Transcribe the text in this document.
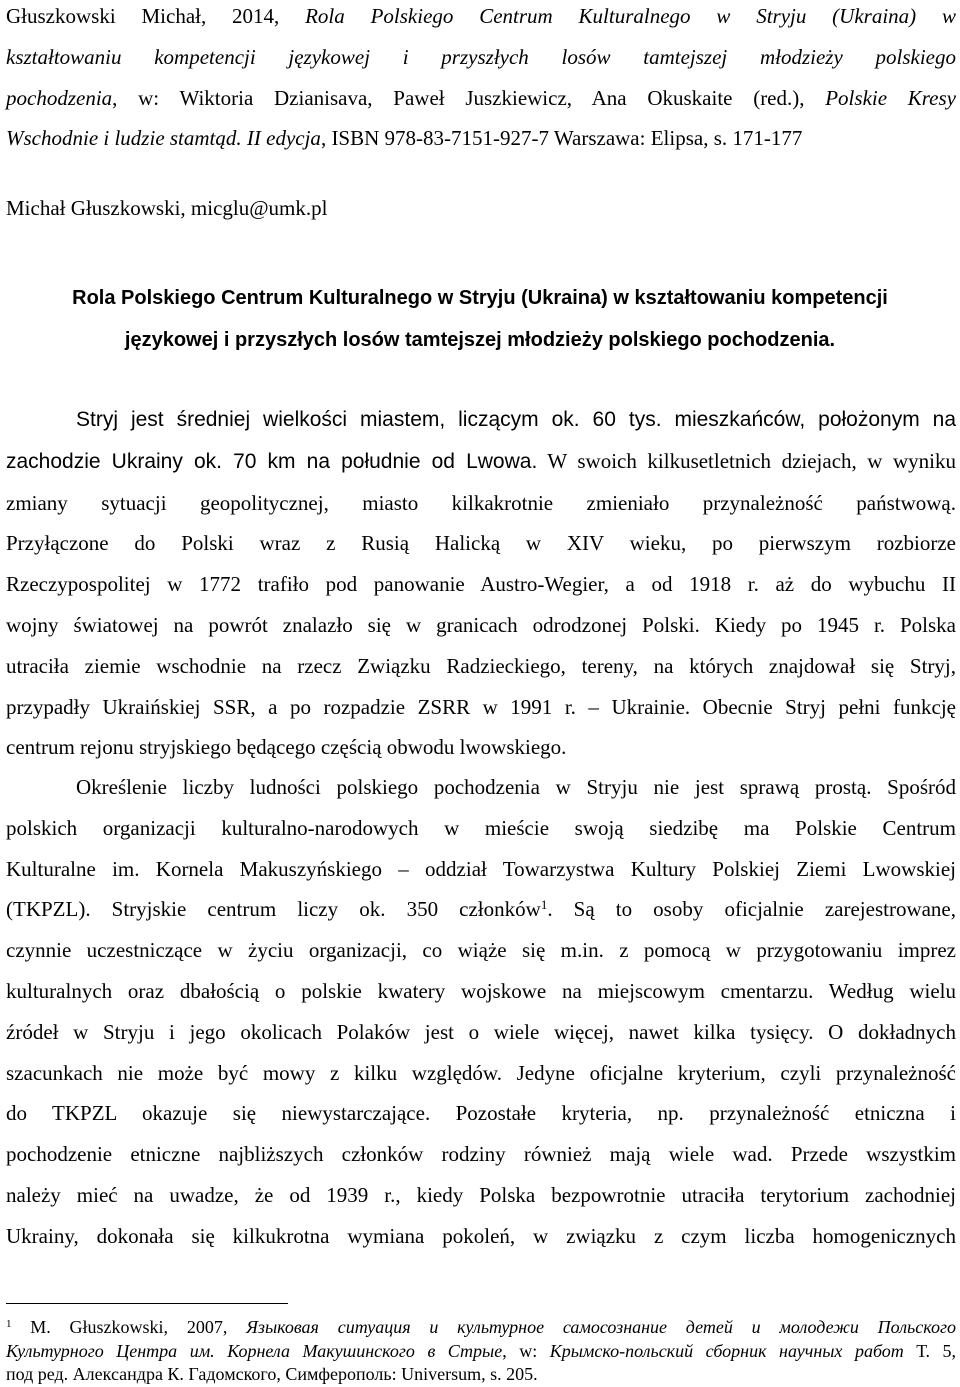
Głuszkowski Michał, 2014, Rola Polskiego Centrum Kulturalnego w Stryju (Ukraina) w
kształtowaniu kompetencji językowej i przyszłych losów tamtejszej młodzieży polskiego
pochodzenia, w: Wiktoria Dzianisava, Paweł Juszkiewicz, Ana Okuskaite (red.), Polskie Kresy
Wschodnie i ludzie stamtąd. II edycja, ISBN 978-83-7151-927-7 Warszawa: Elipsa, s. 171-177
Michał Głuszkowski, micglu@umk.pl
Rola Polskiego Centrum Kulturalnego w Stryju (Ukraina) w kształtowaniu kompetencji
językowej i przyszłych losów tamtejszej młodzieży polskiego pochodzenia.
Stryj jest średniej wielkości miastem, liczącym ok. 60 tys. mieszkańców, położonym na
zachodzie Ukrainy ok. 70 km na południe od Lwowa. W swoich kilkusetletnich dziejach, w wyniku
zmiany sytuacji geopolitycznej, miasto kilkakrotnie zmieniało przynależność państwową.
Przyłączone do Polski wraz z Rusią Halicką w XIV wieku, po pierwszym rozbiorze
Rzeczypospolitej w 1772 trafiło pod panowanie Austro-Wegier, a od 1918 r. aż do wybuchu II
wojny światowej na powrót znalazło się w granicach odrodzonej Polski. Kiedy po 1945 r. Polska
utraciła ziemie wschodnie na rzecz Związku Radzieckiego, tereny, na których znajdował się Stryj,
przypadły Ukraińskiej SSR, a po rozpadzie ZSRR w 1991 r. – Ukrainie. Obecnie Stryj pełni funkcję
centrum rejonu stryjskiego będącego częścią obwodu lwowskiego.
Określenie liczby ludności polskiego pochodzenia w Stryju nie jest sprawą prostą. Spośród
polskich organizacji kulturalno-narodowych w mieście swoją siedzibę ma Polskie Centrum
Kulturalne im. Kornela Makuszyńskiego – oddział Towarzystwa Kultury Polskiej Ziemi Lwowskiej
(TKPZL). Stryjskie centrum liczy ok. 350 członków$^1$. Są to osoby oficjalnie zarejestrowane,
czynnie uczestniczące w życiu organizacji, co wiąże się m.in. z pomocą w przygotowaniu imprez
kulturalnych oraz dbałością o polskie kwatery wojskowe na miejscowym cmentarzu. Według wielu
źródeł w Stryju i jego okolicach Polaków jest o wiele więcej, nawet kilka tysięcy. O dokładnych
szacunkach nie może być mowy z kilku względów. Jedyne oficjalne kryterium, czyli przynależność
do TKPZL okazuje się niewystarczające. Pozostałe kryteria, np. przynależność etniczna i
pochodzenie etniczne najbliższych członków rodziny również mają wiele wad. Przede wszystkim
należy mieć na uwadze, że od 1939 r., kiedy Polska bezpowrotnie utraciła terytorium zachodniej
Ukrainy, dokonała się kilkukrotna wymiana pokoleń, w związku z czym liczba homogenicznych
$^1$ M. Głuszkowski, 2007, Языковая ситуация и культурное самосознание детей и молодежи Польского
Культурного Центра им. Корнела Макушинского в Стрые, w: Крымско-польский сборник научных работ Т. 5,
под ред. Александра К. Гадомского, Симферополь: Universum, s. 205.
